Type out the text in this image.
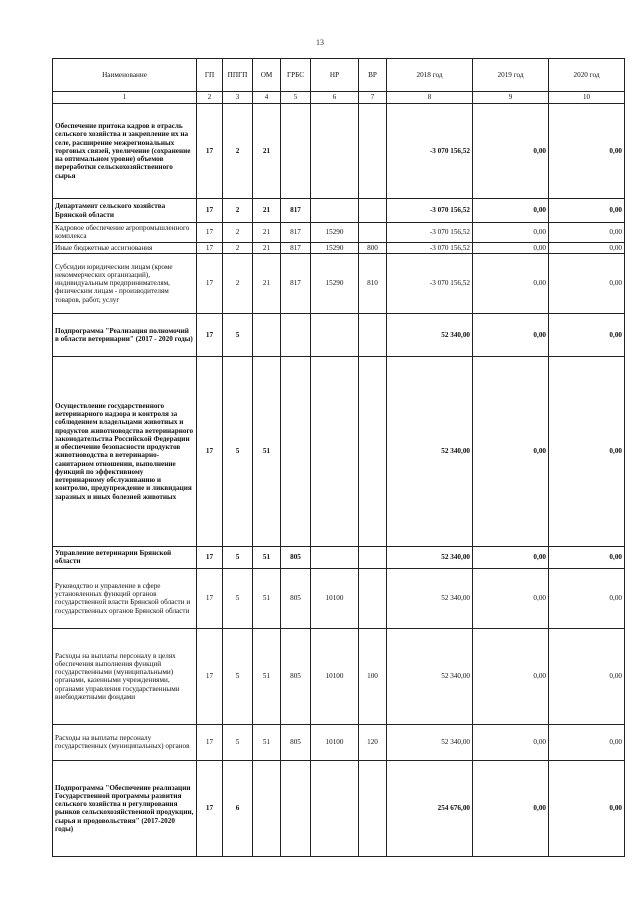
13
Наименование	ГП	ППГП	ОМ	ГРБС	НР	ВР	2018 год	2019 год	2020 год
1	2	3	4	5	6	7	8	9	10
Обеспечение притока кадров в отрасль сельского хозяйства и закрепление их на селе, расширение межрегиональных торговых связей, увеличение (сохранение на оптимальном уровне) объемов переработки сельскохозяйственного сырья	17	2	21				-3 070 156,52	0,00	0,00
Департамент сельского хозяйства Брянской области	17	2	21	817			-3 070 156,52	0,00	0,00
Кадровое обеспечение агропромышленного комплекса	17	2	21	817	15290		-3 070 156,52	0,00	0,00
Иные бюджетные ассигнования	17	2	21	817	15290	800	-3 070 156,52	0,00	0,00
Субсидии юридическим лицам (кроме некоммерческих организаций), индивидуальным предпринимателям, физическим лицам - производителям товаров, работ, услуг	17	2	21	817	15290	810	-3 070 156,52	0,00	0,00
Подпрограмма "Реализация полномочий в области ветеринарии" (2017 - 2020 годы)	17	5					52 340,00	0,00	0,00
Осуществление государственного ветеринарного надзора и контроля за соблюдением владельцами животных и продуктов животноводства ветеринарного законодательства Российской Федерации и обеспечение безопасности продуктов животноводства в ветеринарно-санитарном отношении, выполнение функций по эффективному ветеринарному обслуживанию и контролю, предупреждение и ликвидация заразных и иных болезней животных	17	5	51				52 340,00	0,00	0,00
Управление ветеринарии Брянской области	17	5	51	805			52 340,00	0,00	0,00
Руководство и управление в сфере установленных функций органов государственной власти Брянской области и государственных органов Брянской области	17	5	51	805	10100		52 340,00	0,00	0,00
Расходы на выплаты персоналу в целях обеспечения выполнения функций государственными (муниципальными) органами, казенными учреждениями, органами управления государственными внебюджетными фондами	17	5	51	805	10100	100	52 340,00	0,00	0,00
Расходы на выплаты персоналу государственных (муниципальных) органов	17	5	51	805	10100	120	52 340,00	0,00	0,00
Подпрограмма "Обеспечение реализации Государственной программы развития сельского хозяйства и регулирования рынков сельскохозяйственной продукции, сырья и продовольствия" (2017-2020 годы)	17	6					254 676,00	0,00	0,00
